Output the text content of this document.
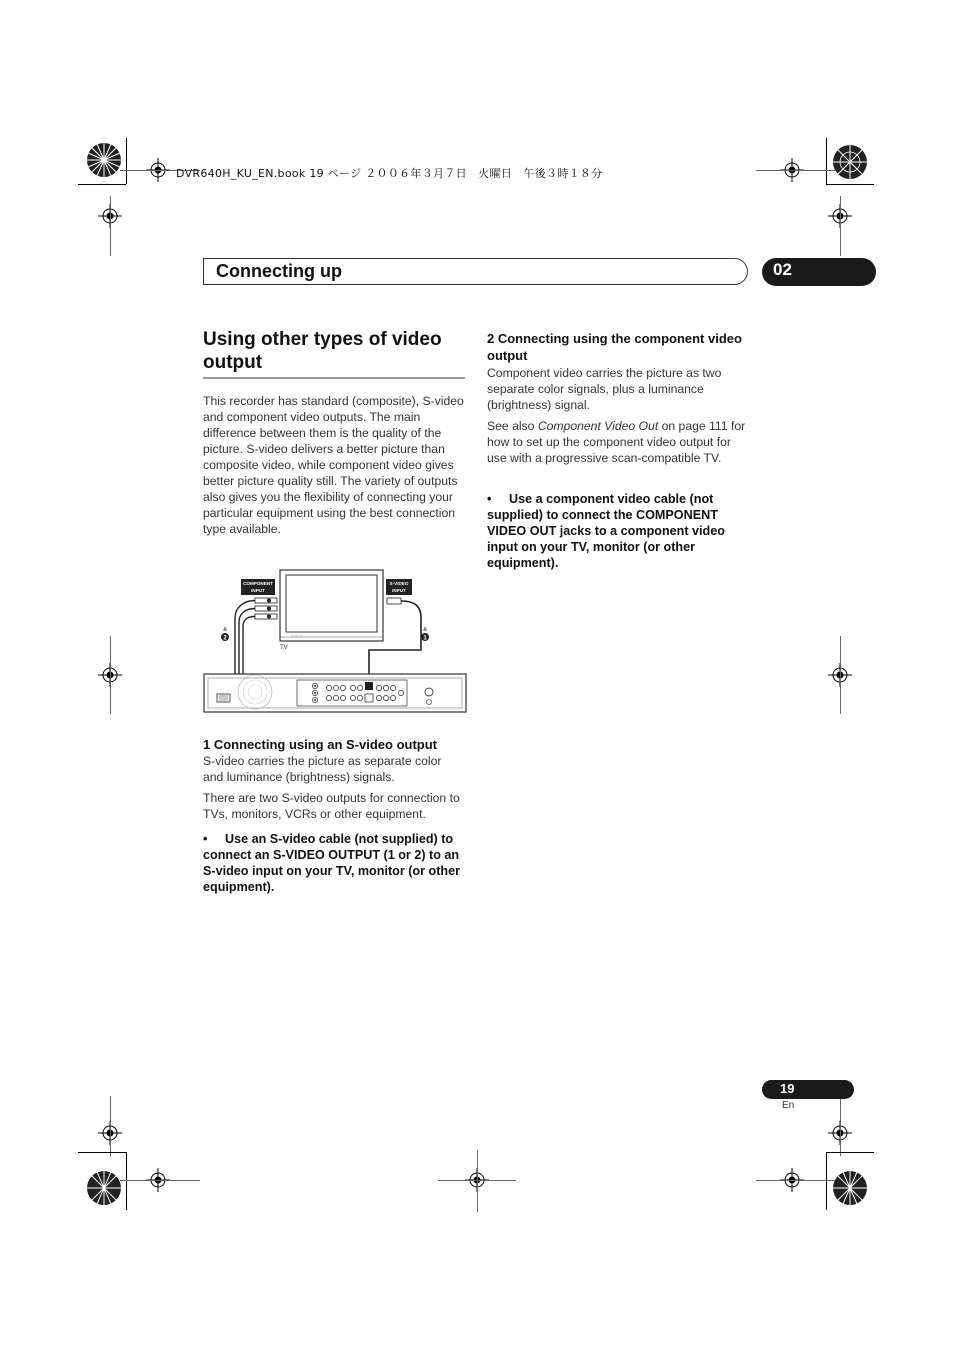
DVR640H_KU_EN.book 19 ページ ２００６年３月７日　火曜日　午後３時１８分
Connecting up	02
Using other types of video output

This recorder has standard (composite), S-video and component video outputs. The main difference between them is the quality of the picture. S-video delivers a better picture than composite video, while component video gives better picture quality still. The variety of outputs also gives you the flexibility of connecting your particular equipment using the best connection type available.

○ ○ ○
TV
COMPONENT
INPUT
S-VIDEO
INPUT
▲
2
▲
1

1 Connecting using an S-video output

S-video carries the picture as separate color and luminance (brightness) signals.

There are two S-video outputs for connection to TVs, monitors, VCRs or other equipment.

• Use an S-video cable (not supplied) to connect an S-VIDEO OUTPUT (1 or 2) to an S-video input on your TV, monitor (or other equipment).

2 Connecting using the component video output

Component video carries the picture as two separate color signals, plus a luminance (brightness) signal.

See also Component Video Out on page 111 for how to set up the component video output for use with a progressive scan-compatible TV.

• Use a component video cable (not supplied) to connect the COMPONENT VIDEO OUT jacks to a component video input on your TV, monitor (or other equipment).

19
En
